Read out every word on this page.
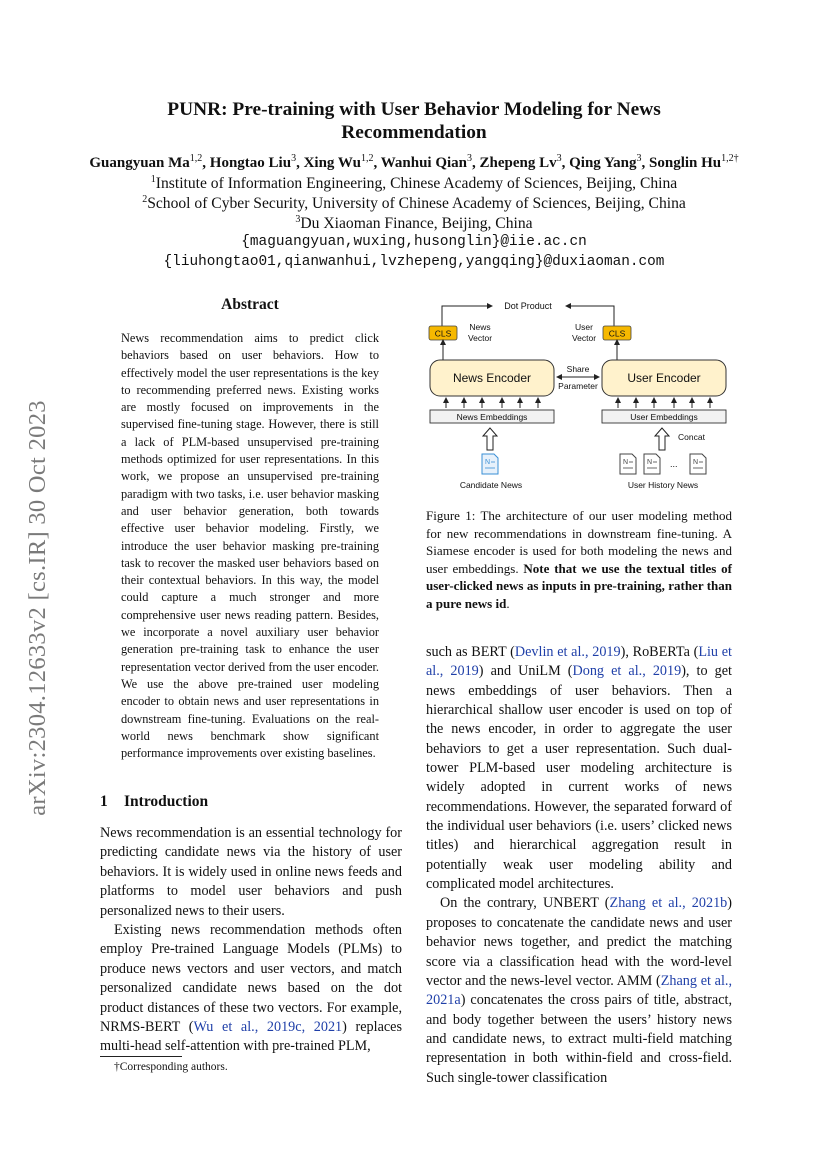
arXiv:2304.12633v2 [cs.IR] 30 Oct 2023
PUNR: Pre-training with User Behavior Modeling for News
Recommendation
Guangyuan Ma$^{1,2}$, Hongtao Liu$^3$, Xing Wu$^{1,2}$, Wanhui Qian$^3$, Zhepeng Lv$^3$, Qing Yang$^3$, Songlin $Hu^{1,2\dagger}$
$^1$Institute of Information Engineering, Chinese Academy of Sciences, Beijing, China
$^2$School of Cyber Security, University of Chinese Academy of Sciences, Beijing, China
$^3$Du Xiaoman Finance, Beijing, China
{maguangyuan,wuxing,husonglin}@iie.ac.cn
{liuhongtao01,qianwanhui,lvzhepeng,yangqing}@duxiaoman.com
Abstract
News recommendation aims to predict click behaviors based on user behaviors. How to effectively model the user representations is the key to recommending preferred news. Existing works are mostly focused on improvements in the supervised fine-tuning stage. However, there is still a lack of PLM-based unsupervised pre-training methods optimized for user representations. In this work, we propose an unsupervised pre-training paradigm with two tasks, i.e. user behavior masking and user behavior generation, both towards effective user behavior modeling. Firstly, we introduce the user behavior masking pre-training task to recover the masked user behaviors based on their contextual behaviors. In this way, the model could capture a much stronger and more comprehensive user news reading pattern. Besides, we incorporate a novel auxiliary user behavior generation pre-training task to enhance the user representation vector derived from the user encoder. We use the above pre-trained user modeling encoder to obtain news and user representations in downstream fine-tuning. Evaluations on the real-world news benchmark show significant performance improvements over existing baselines.
1 Introduction

News recommendation is an essential technology for predicting candidate news via the history of user behaviors. It is widely used in online news feeds and platforms to model user behaviors and push personalized news to their users.

Existing news recommendation methods often employ Pre-trained Language Models (PLMs) to produce news vectors and user vectors, and match personalized candidate news based on the dot product distances of these two vectors. For example, NRMS-BERT (Wu et al., 2019c, 2021) replaces multi-head self-attention with pre-trained PLM,

†Corresponding authors.
Dot Product
CLS	CLS
News
Vector
User
Vector
News Encoder	User Encoder
Share
Parameter
News Embeddings	User Embeddings
Concat
N	N	N ... N
Candidate News	User History News
Figure 1: The architecture of our user modeling method for new recommendations in downstream fine-tuning. A Siamese encoder is used for both modeling the news and user embeddings. Note that we use the textual titles of user-clicked news as inputs in pre-training, rather than a pure news id.

such as BERT (Devlin et al., 2019), RoBERTa (Liu et al., 2019) and UniLM (Dong et al., 2019), to get news embeddings of user behaviors. Then a hierarchical shallow user encoder is used on top of the news encoder, in order to aggregate the user behaviors to get a user representation. Such dual-tower PLM-based user modeling architecture is widely adopted in current works of news recommendations. However, the separated forward of the individual user behaviors (i.e. users’ clicked news titles) and hierarchical aggregation result in potentially weak user modeling ability and complicated model architectures.

On the contrary, UNBERT (Zhang et al., 2021b) proposes to concatenate the candidate news and user behavior news together, and predict the matching score via a classification head with the word-level vector and the news-level vector. AMM (Zhang et al., 2021a) concatenates the cross pairs of title, abstract, and body together between the users’ history news and candidate news, to extract multi-field matching representation in both within-field and cross-field. Such single-tower classification
